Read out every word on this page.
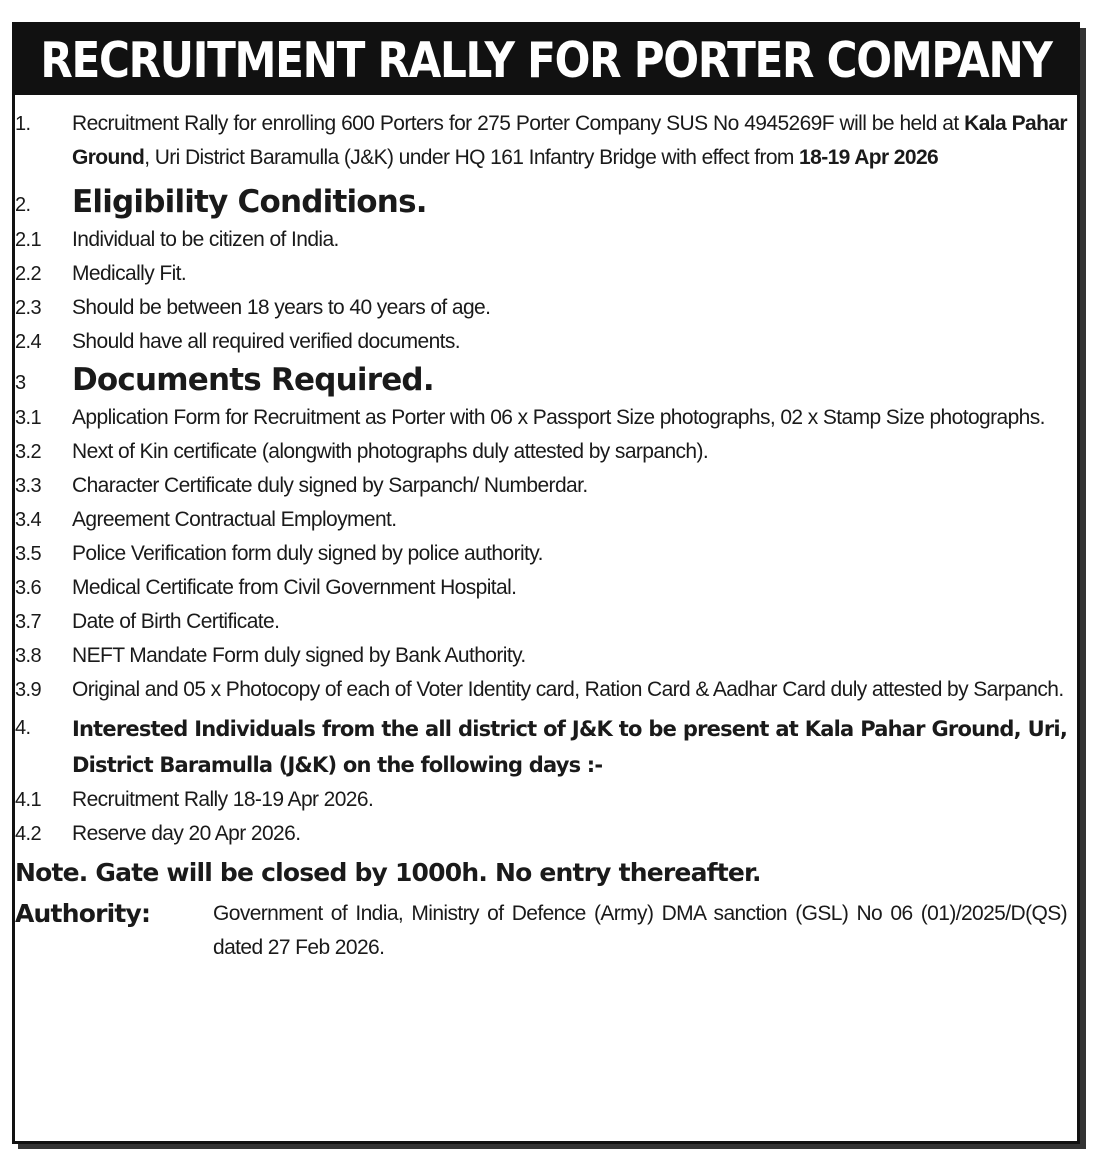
RECRUITMENT RALLY FOR PORTER COMPANY
1.	Recruitment Rally for enrolling 600 Porters for 275 Porter Company SUS No 4945269F will be held at Kala Pahar Ground, Uri District Baramulla (J&K) under HQ 161 Infantry Bridge with effect from 18-19 Apr 2026
2.	Eligibility Conditions.
2.1	Individual to be citizen of India.
2.2	Medically Fit.
2.3	Should be between 18 years to 40 years of age.
2.4	Should have all required verified documents.
3	Documents Required.
3.1	Application Form for Recruitment as Porter with 06 x Passport Size photographs, 02 x Stamp Size photographs.
3.2	Next of Kin certificate (alongwith photographs duly attested by sarpanch).
3.3	Character Certificate duly signed by Sarpanch/ Numberdar.
3.4	Agreement Contractual Employment.
3.5	Police Verification form duly signed by police authority.
3.6	Medical Certificate from Civil Government Hospital.
3.7	Date of Birth Certificate.
3.8	NEFT Mandate Form duly signed by Bank Authority.
3.9	Original and 05 x Photocopy of each of Voter Identity card, Ration Card & Aadhar Card duly attested by Sarpanch.
4.	Interested Individuals from the all district of J&K to be present at Kala Pahar Ground, Uri, District Baramulla (J&K) on the following days :-
4.1	Recruitment Rally 18-19 Apr 2026.
4.2	Reserve day 20 Apr 2026.
Note. Gate will be closed by 1000h. No entry thereafter.
Authority:	Government of India, Ministry of Defence (Army) DMA sanction (GSL) No 06 (01)/2025/D(QS) dated 27 Feb 2026.
